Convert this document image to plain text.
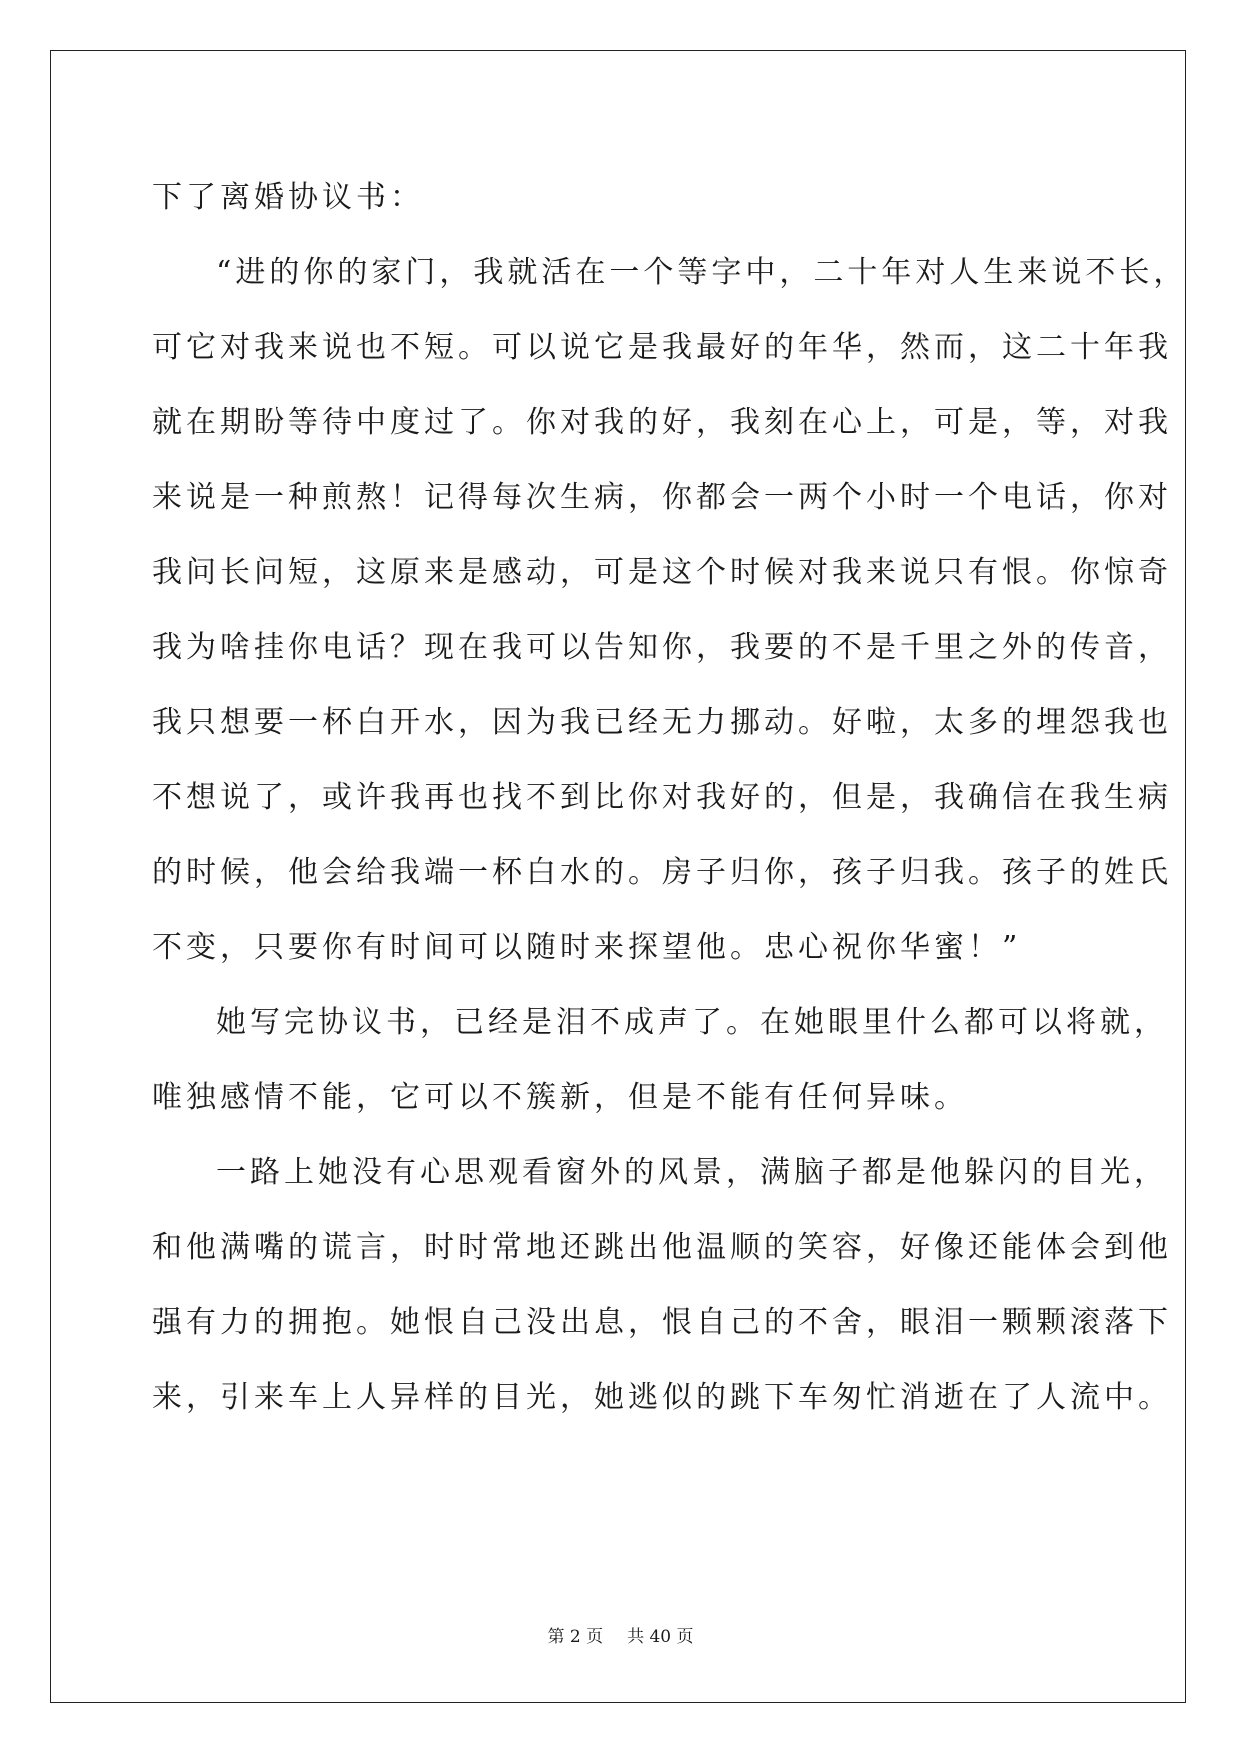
下了离婚协议书：
“进的你的家门，我就活在一个等字中，二十年对人生来说不长，
可它对我来说也不短。可以说它是我最好的年华，然而，这二十年我
就在期盼等待中度过了。你对我的好，我刻在心上，可是，等，对我
来说是一种煎熬！记得每次生病，你都会一两个小时一个电话，你对
我问长问短，这原来是感动，可是这个时候对我来说只有恨。你惊奇
我为啥挂你电话？现在我可以告知你，我要的不是千里之外的传音，
我只想要一杯白开水，因为我已经无力挪动。好啦，太多的埋怨我也
不想说了，或许我再也找不到比你对我好的，但是，我确信在我生病
的时候，他会给我端一杯白水的。房子归你，孩子归我。孩子的姓氏
不变，只要你有时间可以随时来探望他。忠心祝你华蜜！”
她写完协议书，已经是泪不成声了。在她眼里什么都可以将就，
唯独感情不能，它可以不簇新，但是不能有任何异味。
一路上她没有心思观看窗外的风景，满脑子都是他躲闪的目光，
和他满嘴的谎言，时时常地还跳出他温顺的笑容，好像还能体会到他
强有力的拥抱。她恨自己没出息，恨自己的不舍，眼泪一颗颗滚落下
来，引来车上人异样的目光，她逃似的跳下车匆忙消逝在了人流中。
第 2 页 共 40 页
